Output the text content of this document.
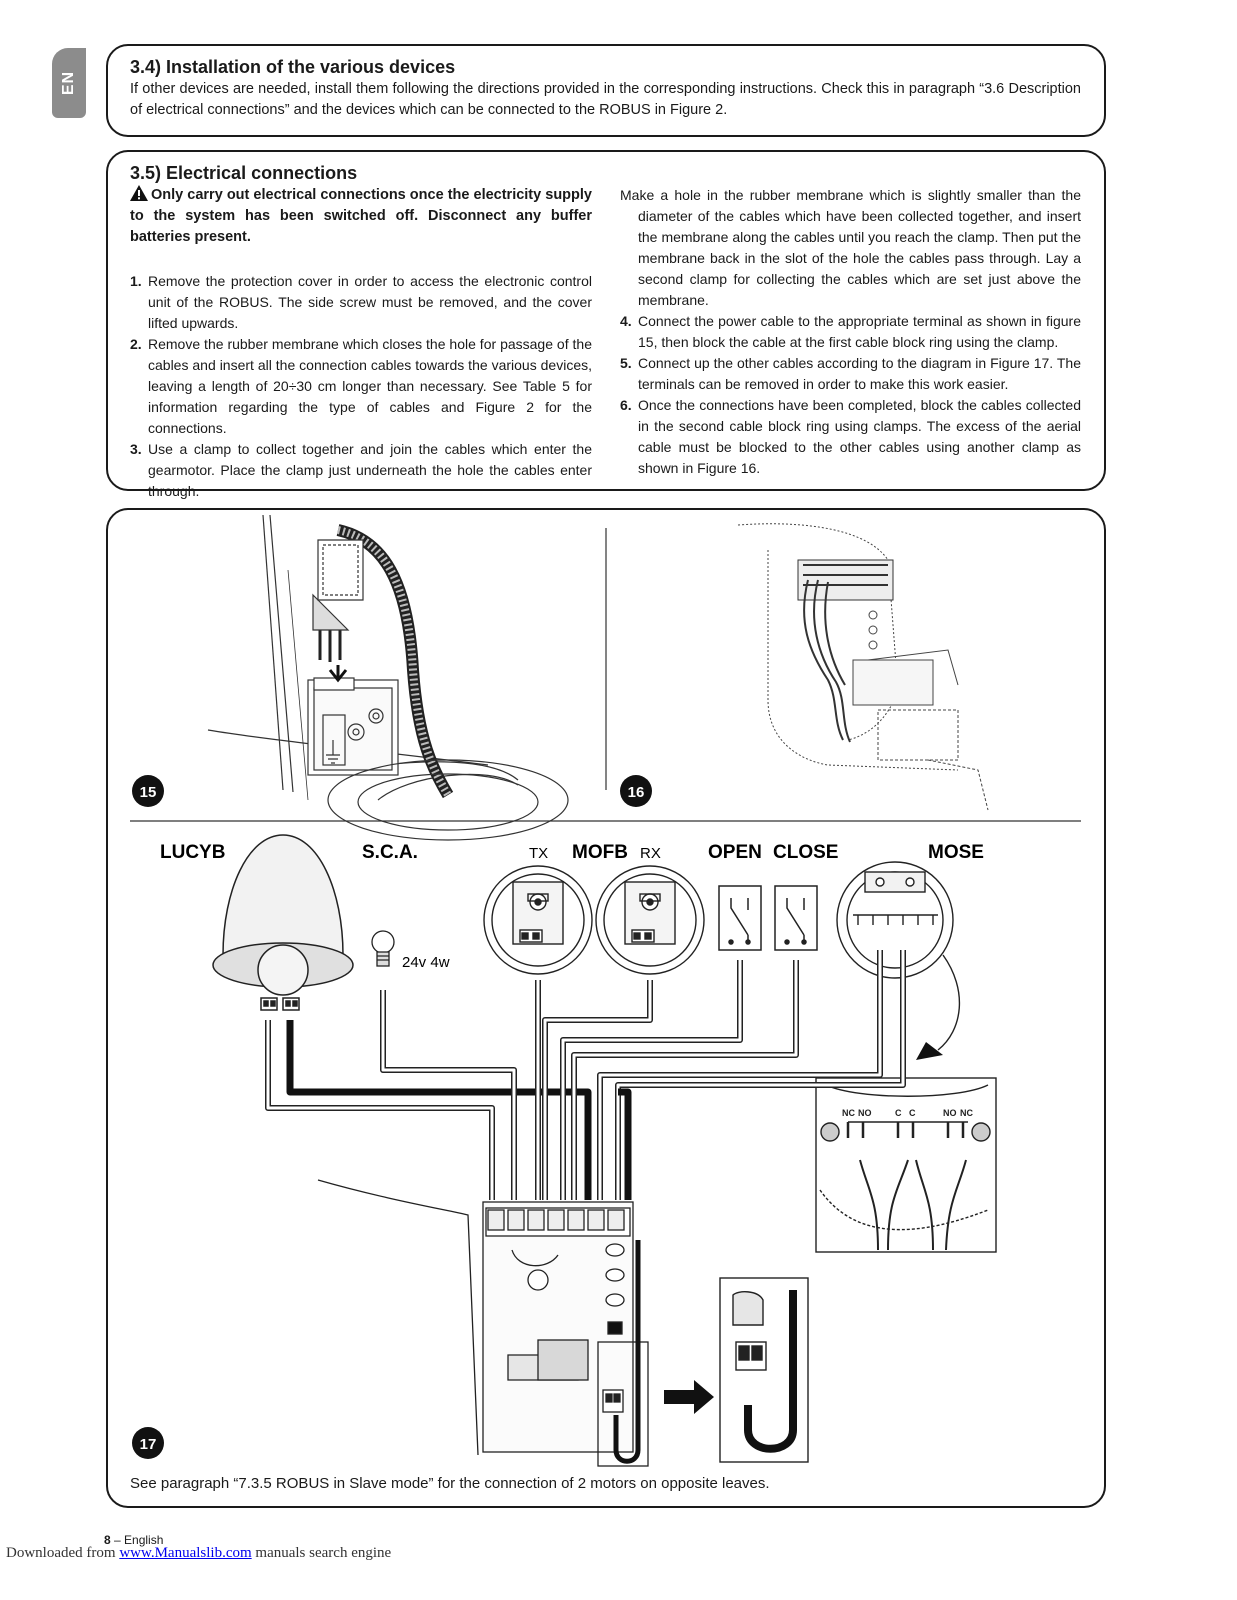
EN
3.4) Installation of the various devices
If other devices are needed, install them following the directions provided in the corresponding instructions. Check this in paragraph “3.6 Description of electrical connections” and the devices which can be connected to the ROBUS in Figure 2.
3.5) Electrical connections
Only carry out electrical connections once the electricity supply to the system has been switched off. Disconnect any buffer batteries present.
1. Remove the protection cover in order to access the electronic control unit of the ROBUS. The side screw must be removed, and the cover lifted upwards.
2. Remove the rubber membrane which closes the hole for passage of the cables and insert all the connection cables towards the various devices, leaving a length of 20÷30 cm longer than necessary. See Table 5 for information regarding the type of cables and Figure 2 for the connections.
3. Use a clamp to collect together and join the cables which enter the gearmotor. Place the clamp just underneath the hole the cables enter through.
Make a hole in the rubber membrane which is slightly smaller than the diameter of the cables which have been collected together, and insert the membrane along the cables until you reach the clamp. Then put the membrane back in the slot of the hole the cables pass through. Lay a second clamp for collecting the cables which are set just above the membrane.
4. Connect the power cable to the appropriate terminal as shown in figure 15, then block the cable at the first cable block ring using the clamp.
5. Connect up the other cables according to the diagram in Figure 17. The terminals can be removed in order to make this work easier.
6. Once the connections have been completed, block the cables collected in the second cable block ring using clamps. The excess of the aerial cable must be blocked to the other cables using another clamp as shown in Figure 16.
15	16
LUCYB	S.C.A.	TX MOFB RX OPEN CLOSE	MOSE
24v 4w
NC NO	C C	NO NC
17
See paragraph “7.3.5 ROBUS in Slave mode” for the connection of 2 motors on opposite leaves.
8 – English
Downloaded from www.Manualslib.com manuals search engine
